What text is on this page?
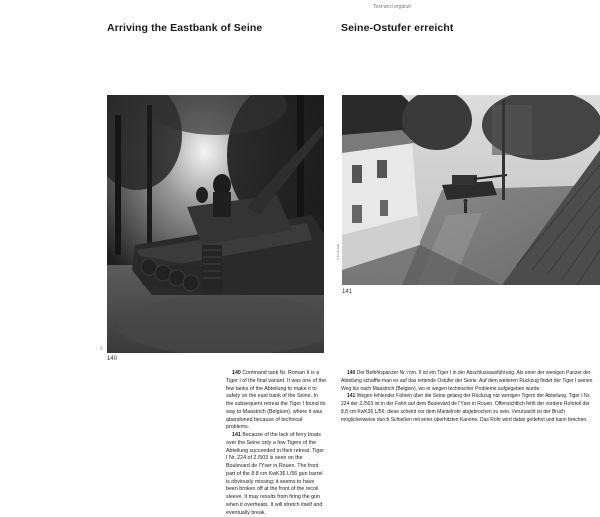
Text wird ergänzt
Arriving the Eastbank of Seine	Seine-Ostufer erreicht
© Ernst Kalt
©
140
141

140 Command tank Nr. Roman II is a Tiger I of the final variant. It was one of the few tanks of the Abteilung to make it to safety on the east bank of the Seine. In the subsequent retreat the Tiger I found its way to Maastrich (Belgium), where it was abandoned because of technical problems.

141 Because of the lack of ferry boats over the Seine only a few Tigers of the Abteilung succeeded in their retreat. Tiger I Nr. 224 of 2./503 is seen on the Boulevard de l'Yser in Rouen. The front part of the 8.8 cm KwK36 L/56 gun barrel is obviously missing; it seems to have been broken off at the front of the recoil sleeve. It may results from firing the gun when it overheats. It will stretch itself and eventually break.

140 Der Befehlspanzer Nr. röm. II ist ein Tiger I in der Abschlussausführung. Als einer der wenigen Panzer der Abteilung schaffte man es auf das rettende Ostufer der Seine. Auf dem weiteren Rückzug findet der Tiger I seinen Weg bis nach Maastrich (Belgien), wo er wegen technischer Probleme aufgegeben wurde.

141 Wegen fehlender Fähren über die Seine gelang der Rückzug nur wenigen Tigern der Abteilung. Tiger I Nr. 224 der 2./503 ist in der Fahrt auf dem Boulevard de l'Yser in Rouen. Offensichtlich fehlt der vordere Rohrteil der 8,8 cm KwK36 L/56: diese scheint vor dem Mantelrohr abgebrochen zu sein. Verursacht ist der Bruch möglicherweise durch Schießen mit einer überhitzten Kanone. Das Rohr wird dabei gedehnt und kann brechen.
